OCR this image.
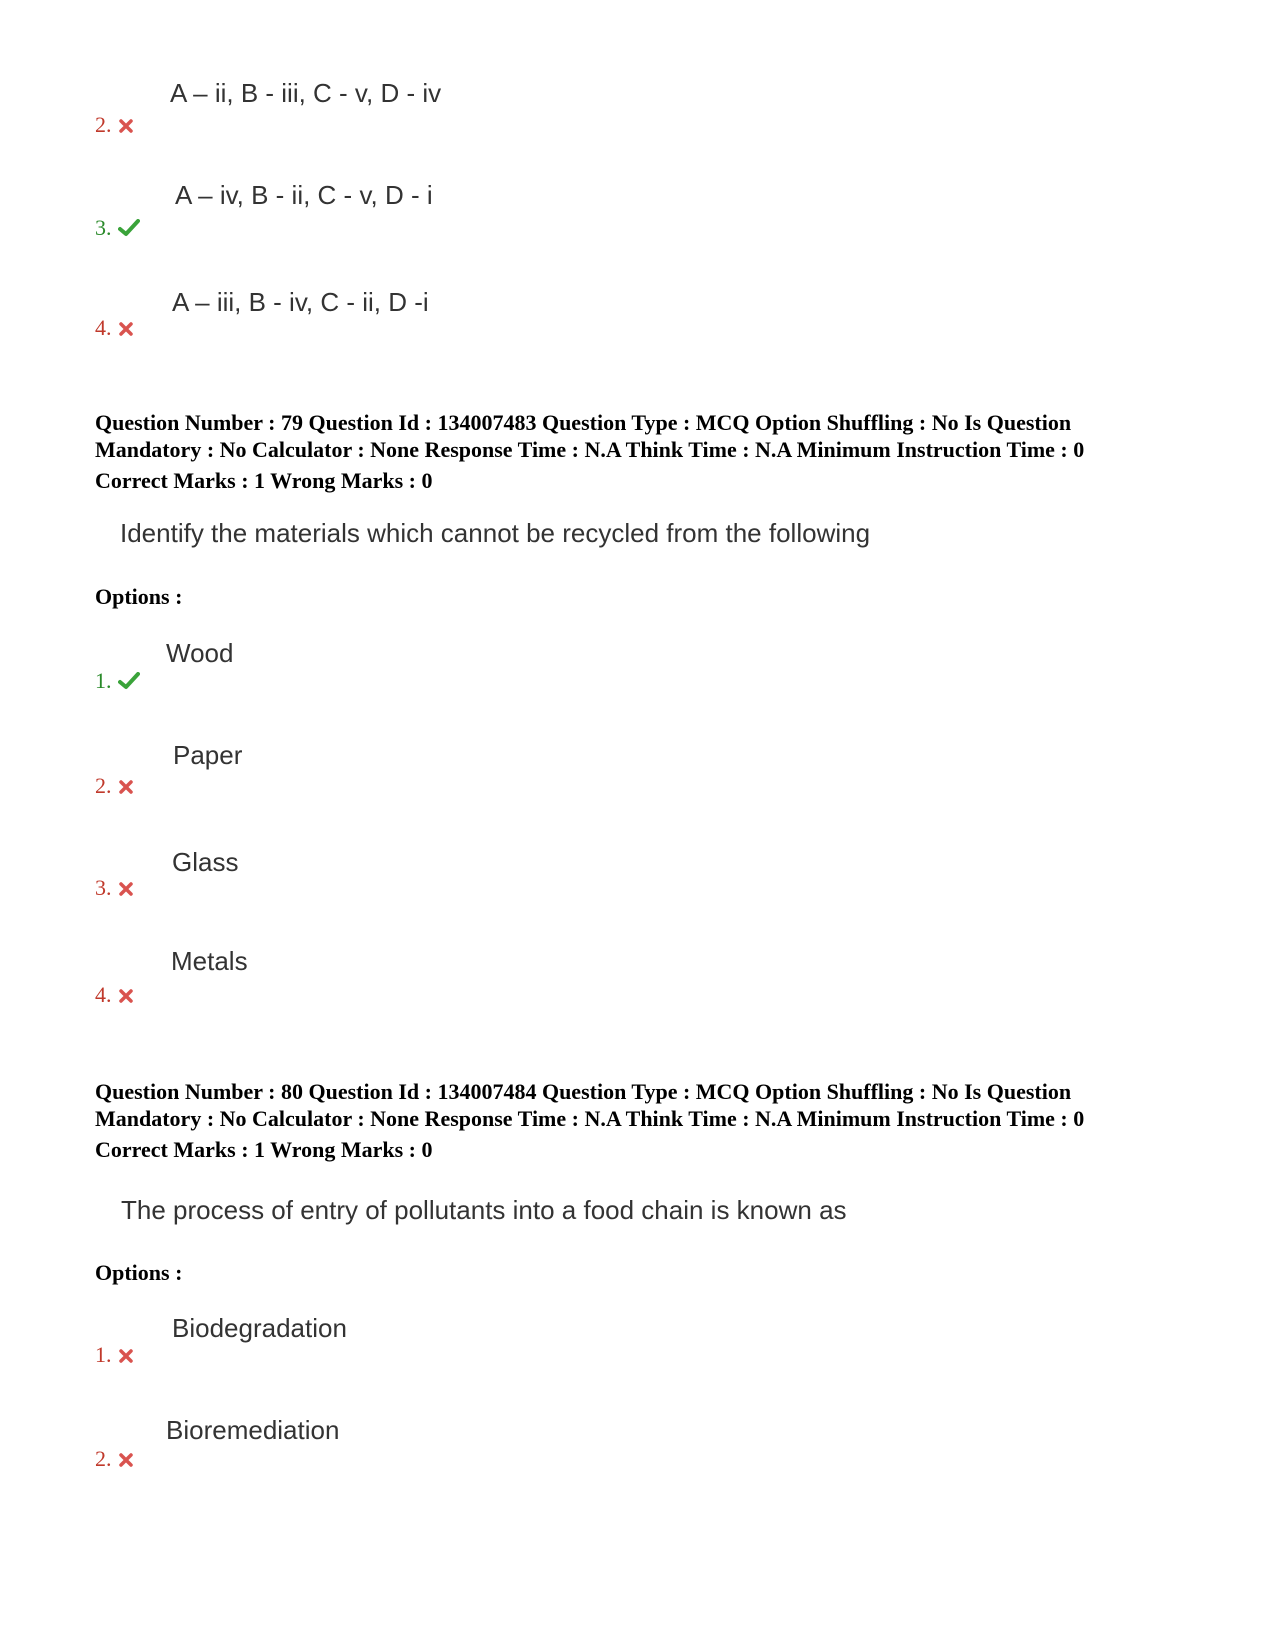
A – ii, B - iii, C - v, D - iv
2.
A – iv, B - ii, C - v, D - i
3.
A – iii, B - iv, C - ii, D -i
4.
Question Number : 79 Question Id : 134007483 Question Type : MCQ Option Shuffling : No Is Question
Mandatory : No Calculator : None Response Time : N.A Think Time : N.A Minimum Instruction Time : 0
Correct Marks : 1 Wrong Marks : 0
Identify the materials which cannot be recycled from the following
Options :
Wood
1.
Paper
2.
Glass
3.
Metals
4.
Question Number : 80 Question Id : 134007484 Question Type : MCQ Option Shuffling : No Is Question
Mandatory : No Calculator : None Response Time : N.A Think Time : N.A Minimum Instruction Time : 0
Correct Marks : 1 Wrong Marks : 0
The process of entry of pollutants into a food chain is known as
Options :
Biodegradation
1.
Bioremediation
2.
